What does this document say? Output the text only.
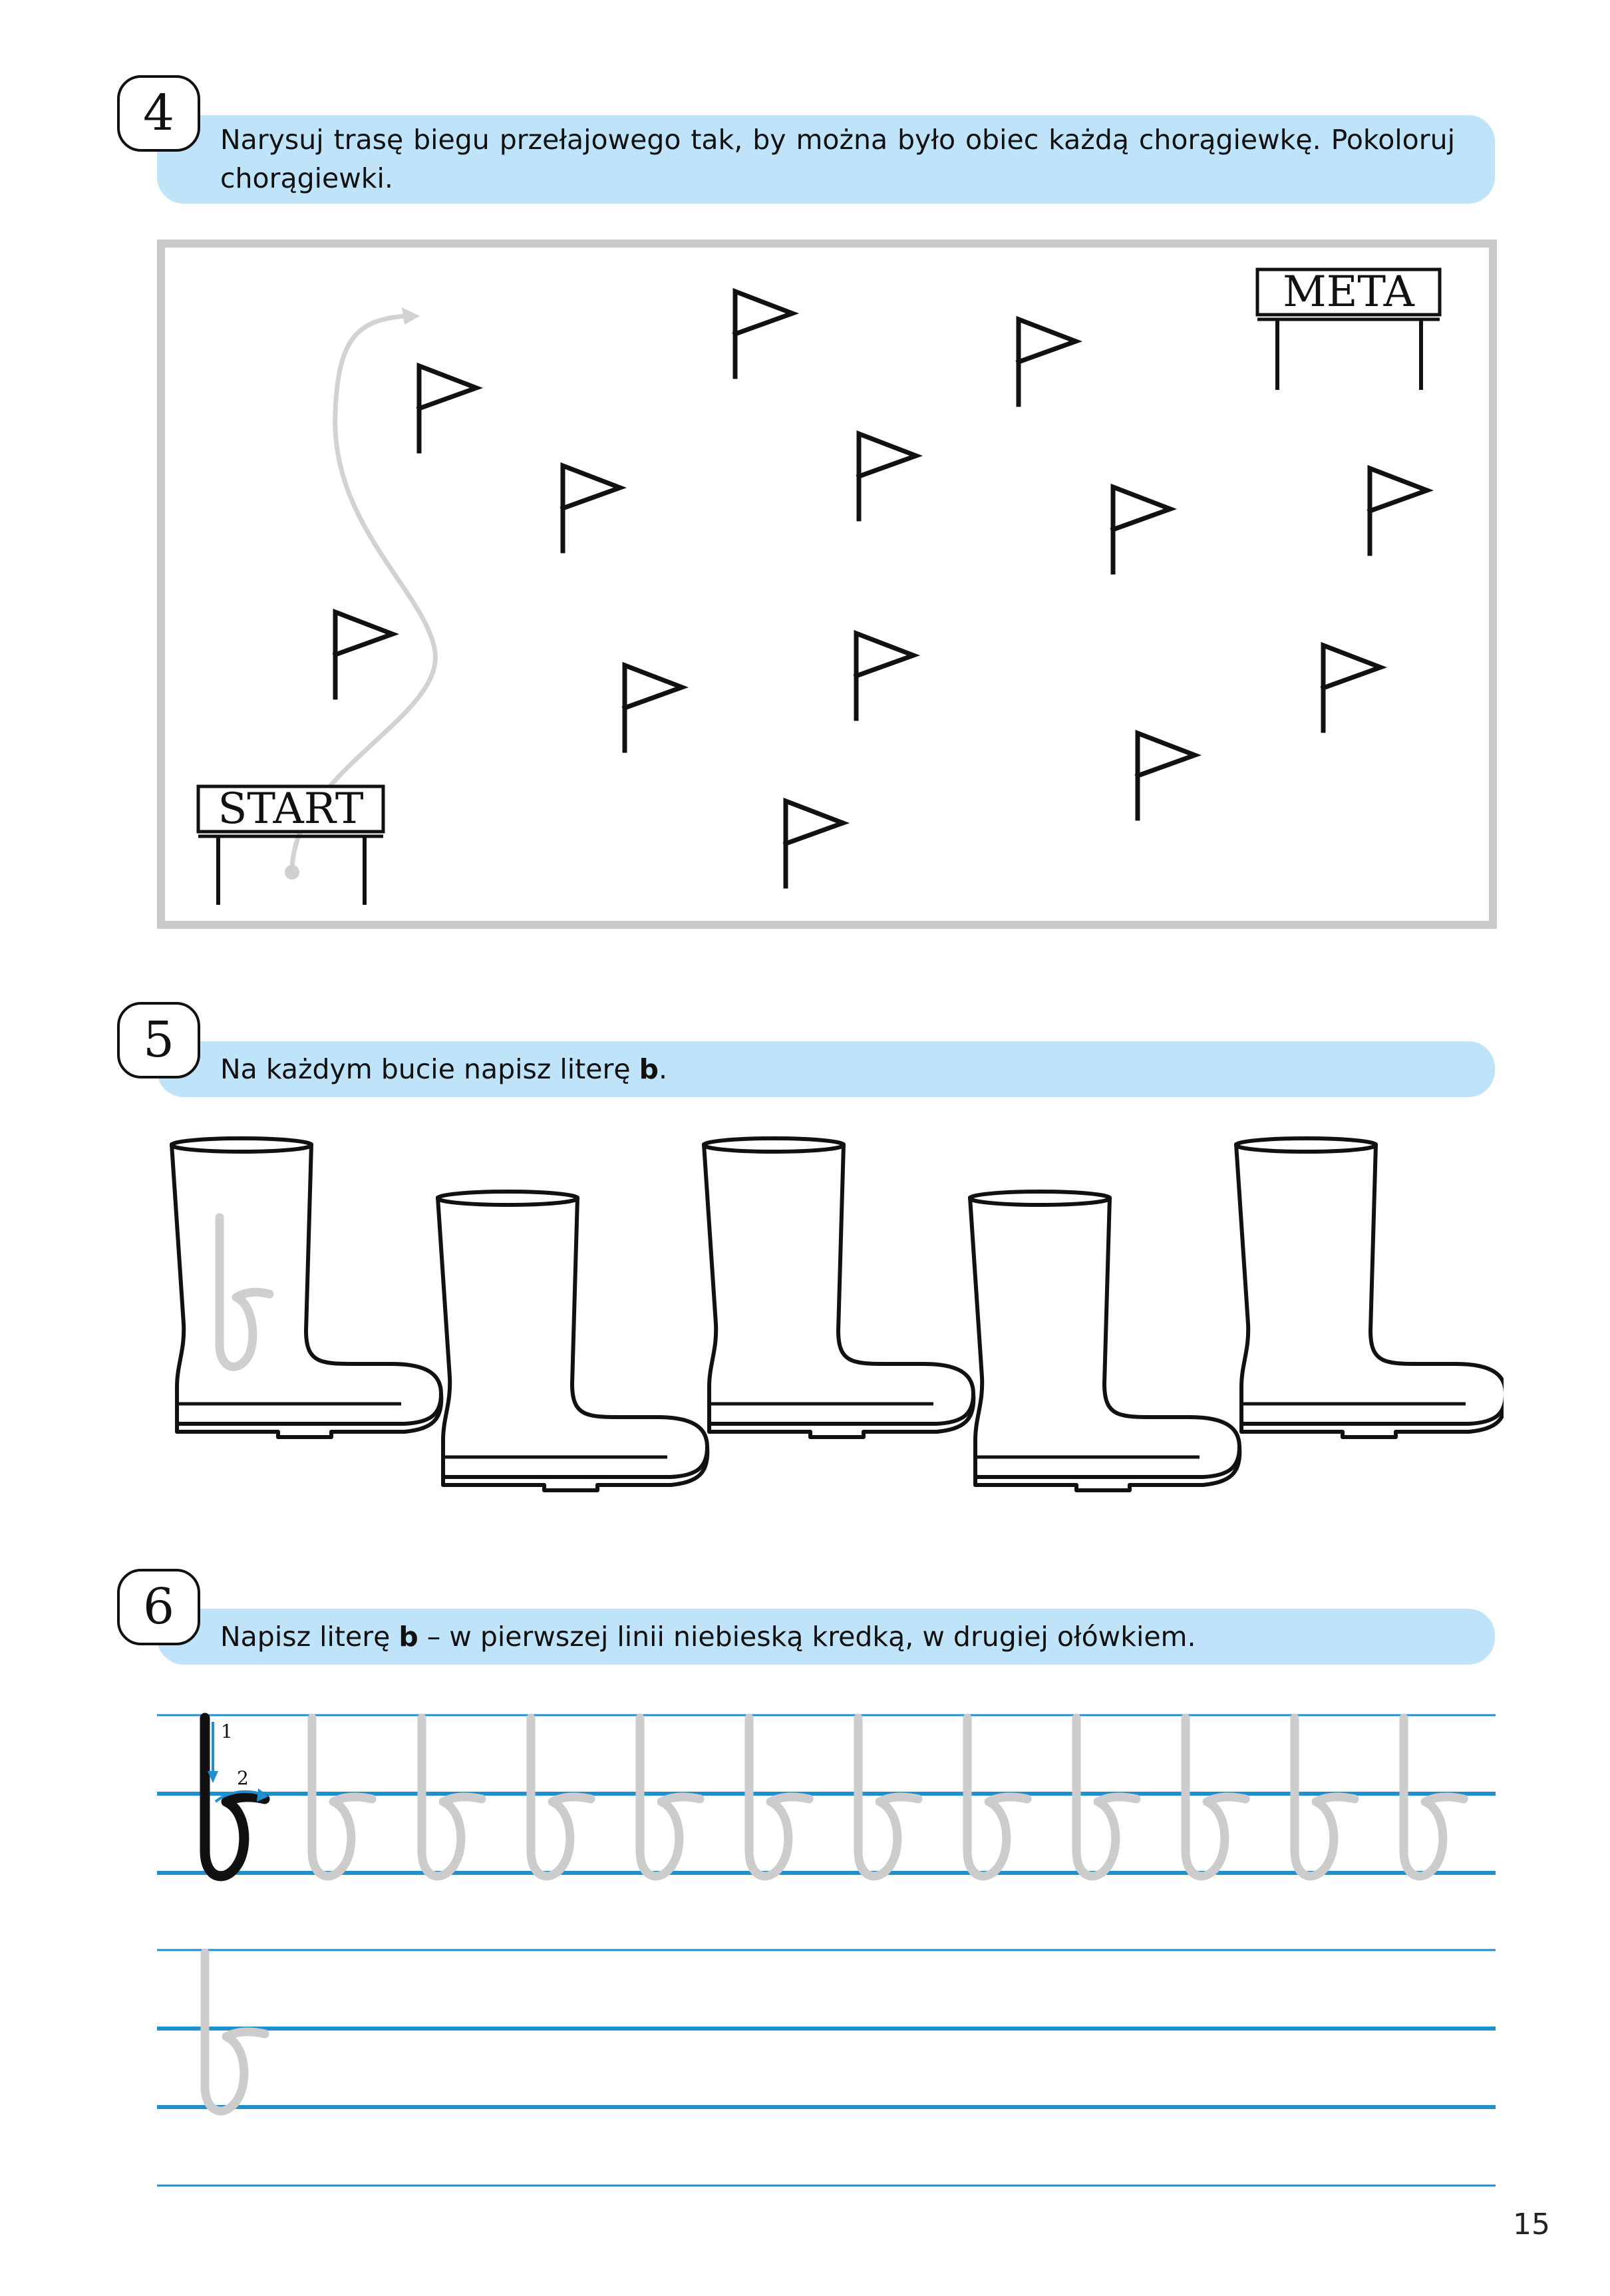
Narysuj trasę biegu przełajowego tak, by można było obiec każdą chorągiewkę. Pokoloruj chorągiewki.
4
START
META
Na każdym bucie napisz literę b.
5
Napisz literę b – w pierwszej linii niebieską kredką, w drugiej ołówkiem.
6
1
2
15
